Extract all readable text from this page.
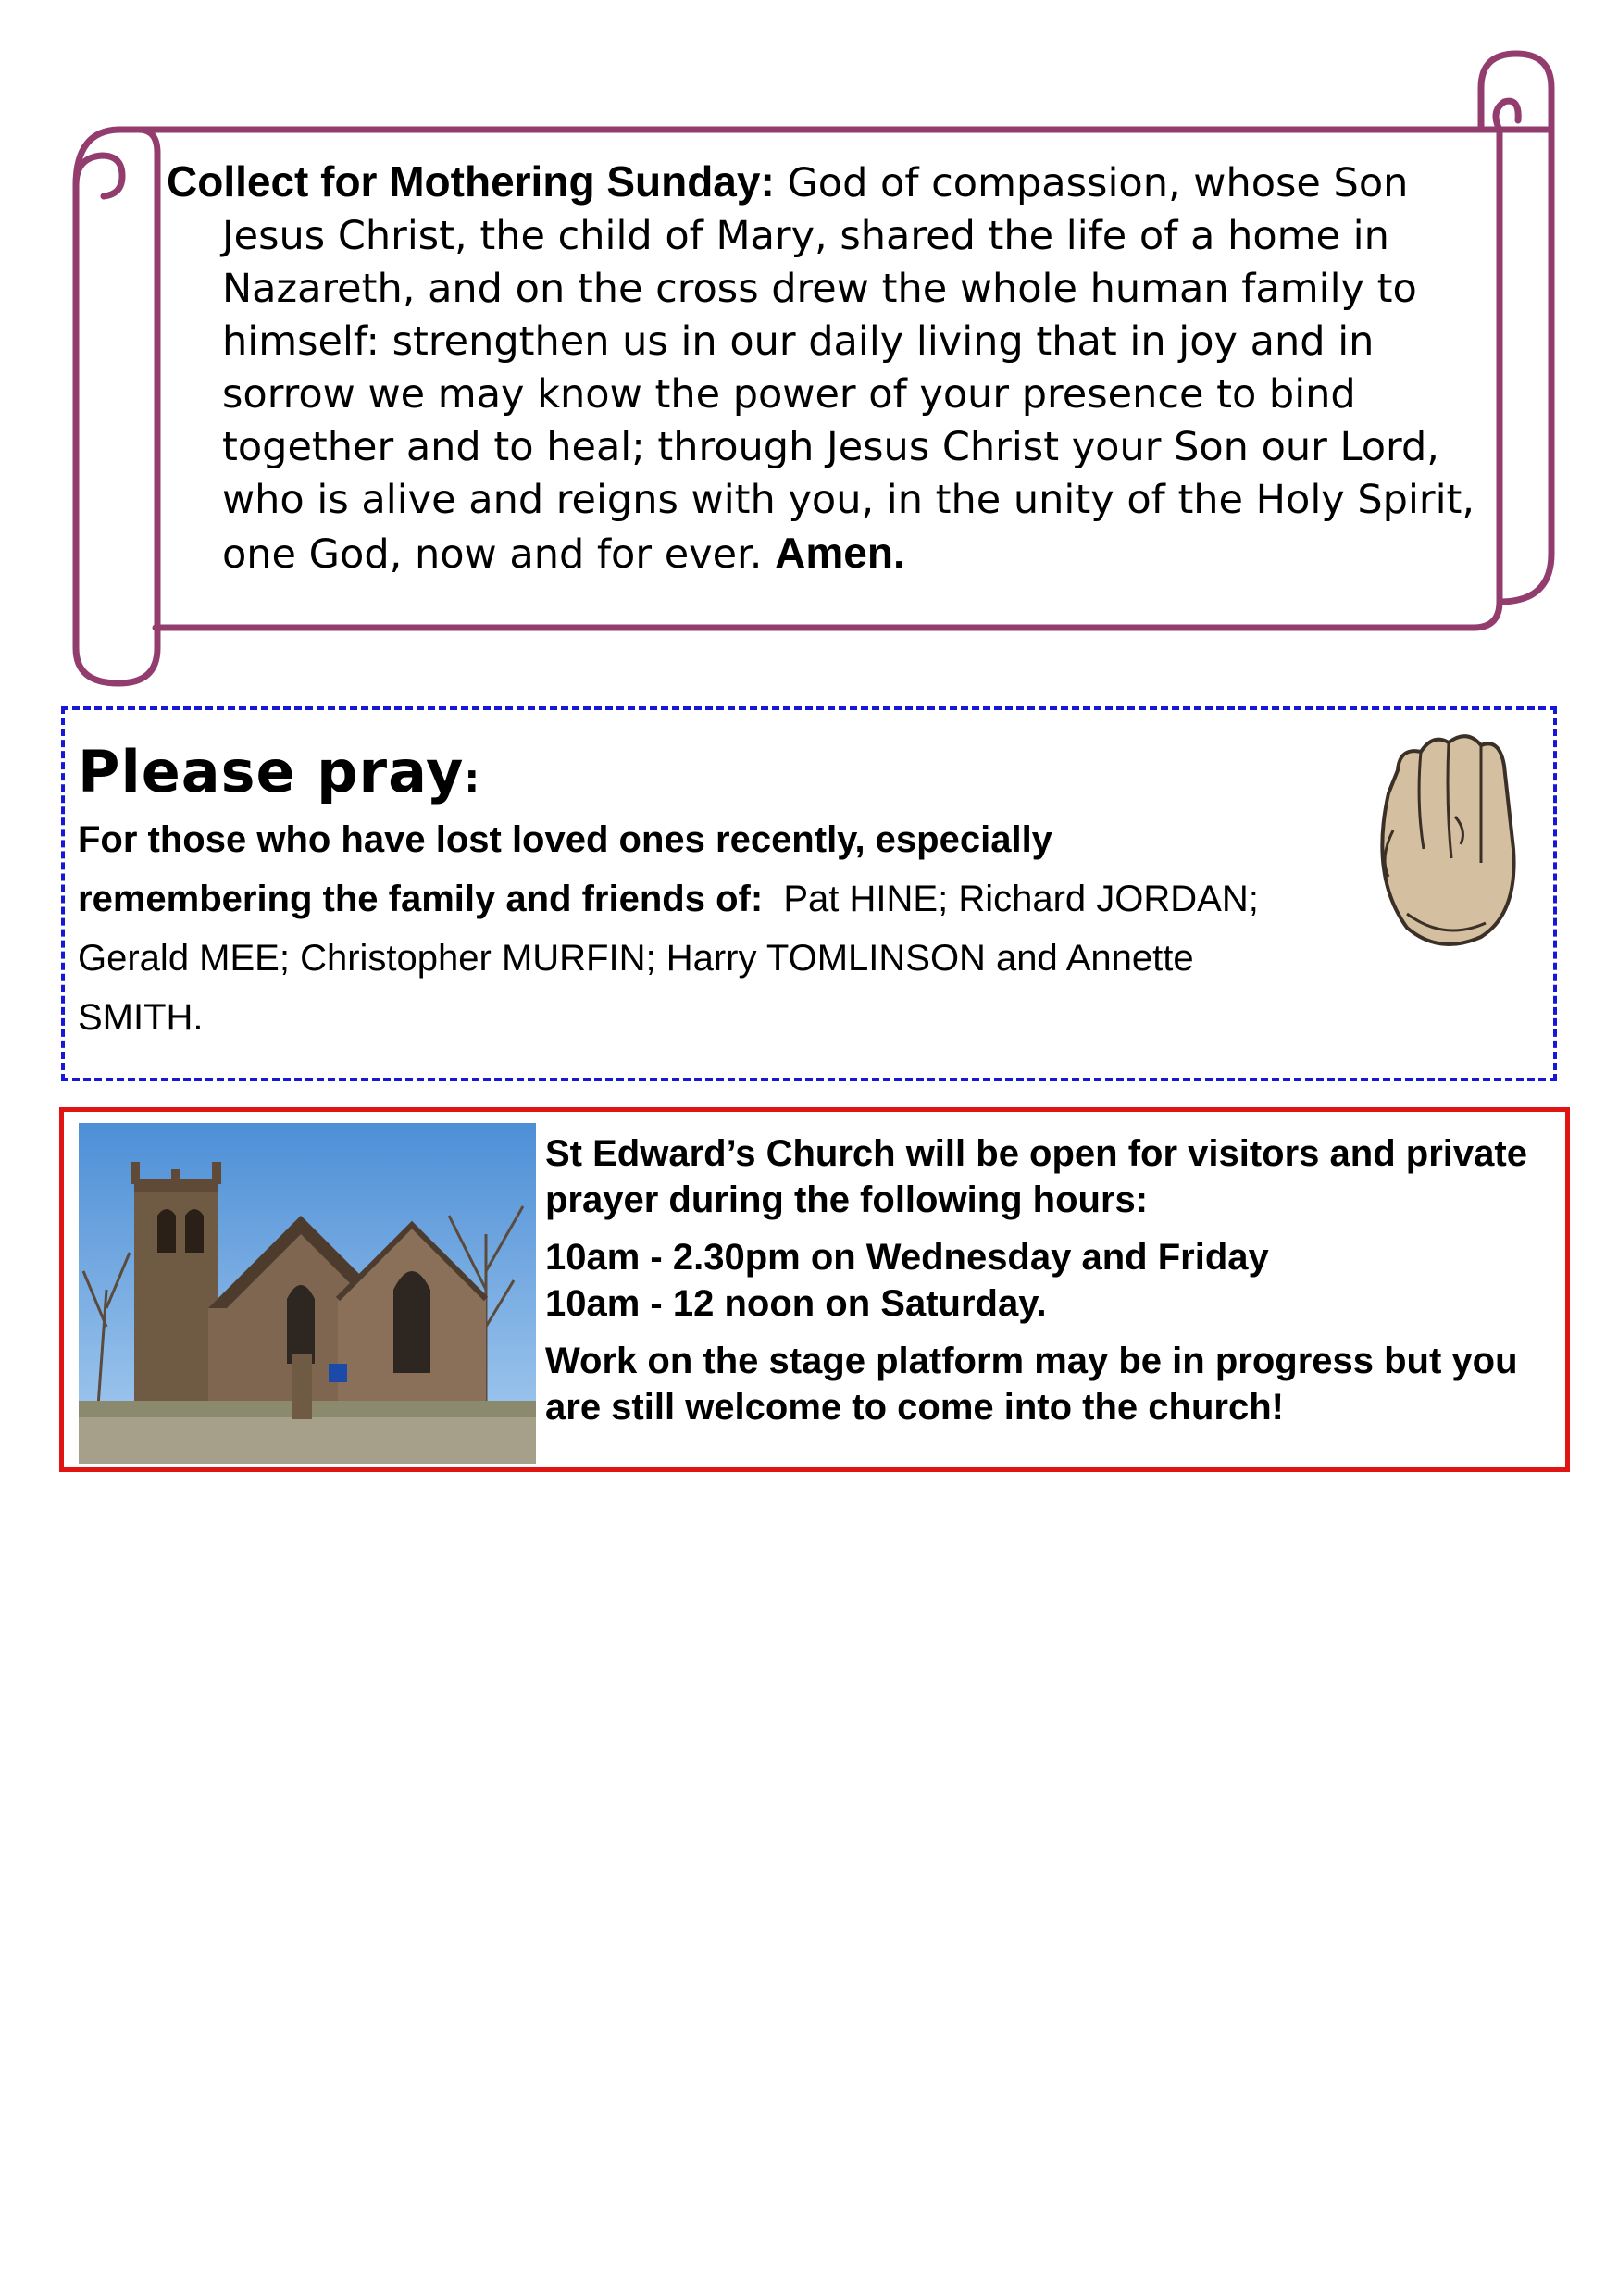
Collect for Mothering Sunday: God of compassion, whose Son Jesus Christ, the child of Mary, shared the life of a home in Nazareth, and on the cross drew the whole human family to himself: strengthen us in our daily living that in joy and in sorrow we may know the power of your presence to bind together and to heal; through Jesus Christ your Son our Lord, who is alive and reigns with you, in the unity of the Holy Spirit, one God, now and for ever. Amen.

Please pray:
For those who have lost loved ones recently, especially remembering the family and friends of: Pat HINE; Richard JORDAN; Gerald MEE; Christopher MURFIN; Harry TOMLINSON and Annette SMITH.

St Edward’s Church will be open for visitors and private prayer during the following hours:

10am - 2.30pm on Wednesday and Friday
10am - 12 noon on Saturday.

Work on the stage platform may be in progress but you are still welcome to come into the church!
